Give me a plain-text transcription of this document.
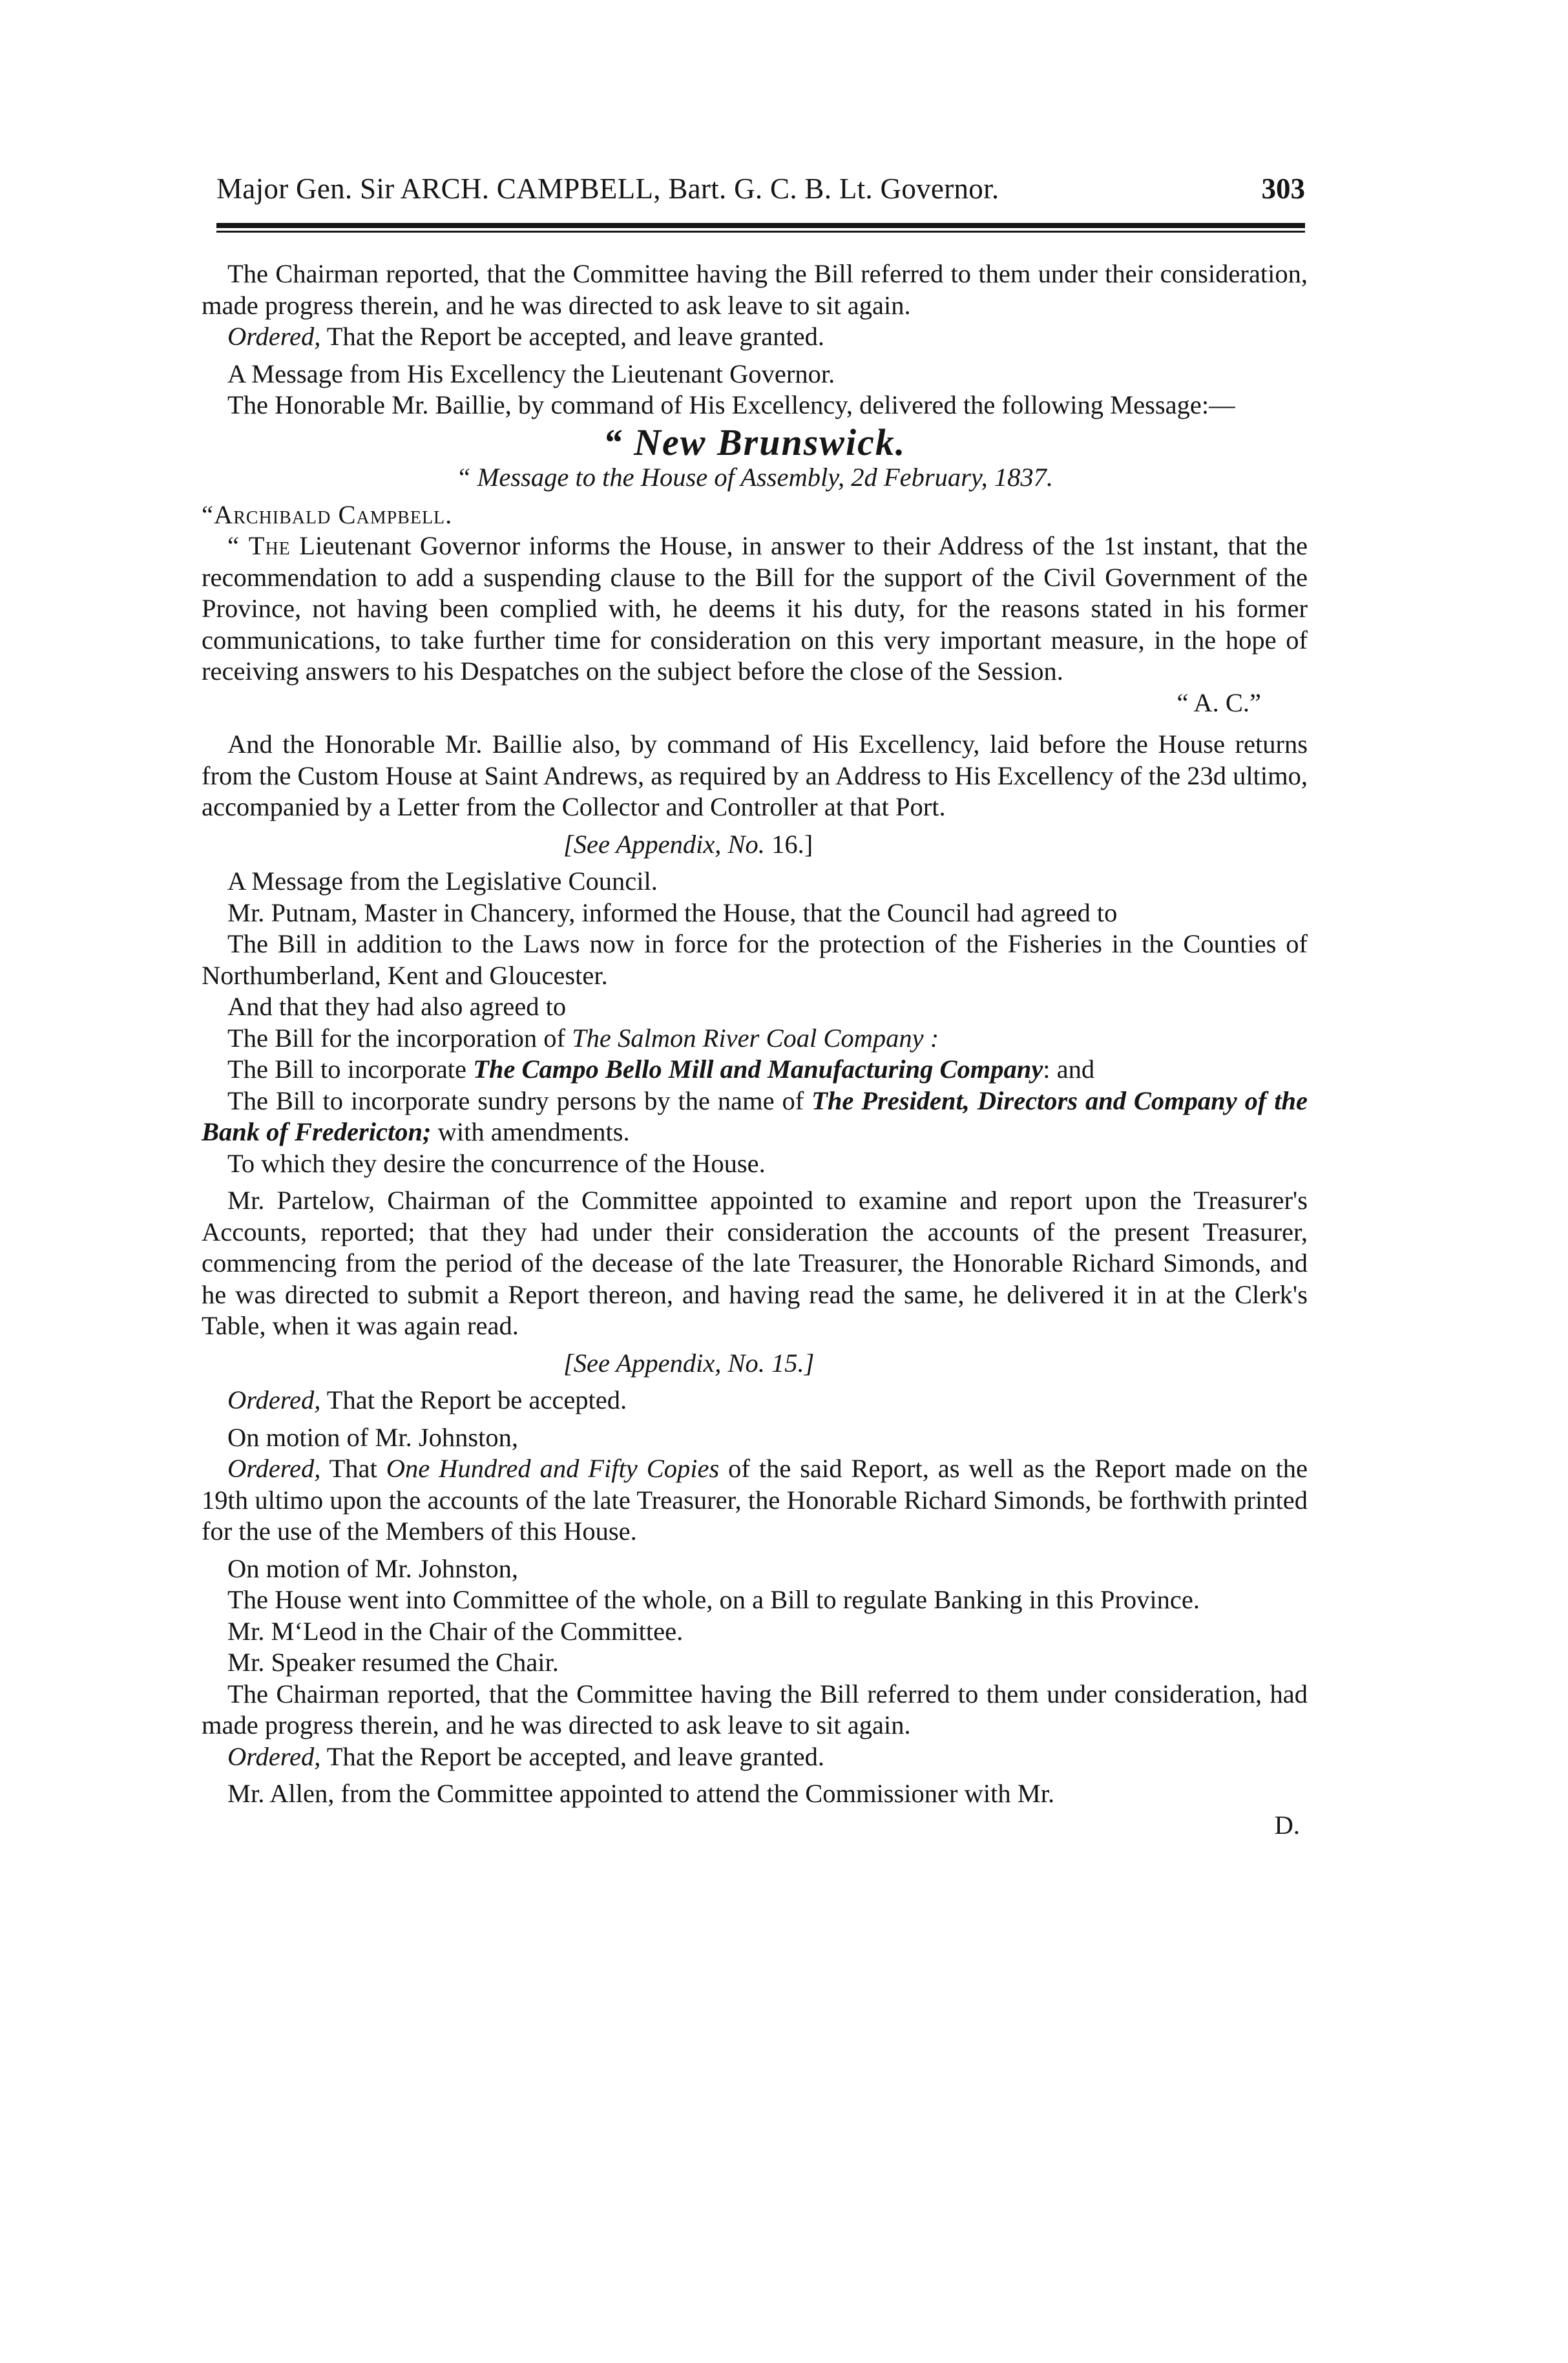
Major Gen. Sir ARCH. CAMPBELL, Bart. G. C. B. Lt. Governor.	303

The Chairman reported, that the Committee having the Bill referred to them under their consideration, made progress therein, and he was directed to ask leave to sit again.

Ordered, That the Report be accepted, and leave granted.

A Message from His Excellency the Lieutenant Governor.

The Honorable Mr. Baillie, by command of His Excellency, delivered the following Message:—

“ New Brunswick.

“ Message to the House of Assembly, 2d February, 1837.

“Archibald Campbell.

“ The Lieutenant Governor informs the House, in answer to their Address of the 1st instant, that the recommendation to add a suspending clause to the Bill for the support of the Civil Government of the Province, not having been complied with, he deems it his duty, for the reasons stated in his former communications, to take further time for consideration on this very important measure, in the hope of receiving answers to his Despatches on the subject before the close of the Session.

“ A. C.”

And the Honorable Mr. Baillie also, by command of His Excellency, laid before the House returns from the Custom House at Saint Andrews, as required by an Address to His Excellency of the 23d ultimo, accompanied by a Letter from the Collector and Controller at that Port.

[See Appendix, No. 16.]

A Message from the Legislative Council.

Mr. Putnam, Master in Chancery, informed the House, that the Council had agreed to

The Bill in addition to the Laws now in force for the protection of the Fisheries in the Counties of Northumberland, Kent and Gloucester.

And that they had also agreed to

The Bill for the incorporation of The Salmon River Coal Company :

The Bill to incorporate The Campo Bello Mill and Manufacturing Company: and

The Bill to incorporate sundry persons by the name of The President, Directors and Company of the Bank of Fredericton; with amendments.

To which they desire the concurrence of the House.

Mr. Partelow, Chairman of the Committee appointed to examine and report upon the Treasurer's Accounts, reported; that they had under their consideration the accounts of the present Treasurer, commencing from the period of the decease of the late Treasurer, the Honorable Richard Simonds, and he was directed to submit a Report thereon, and having read the same, he delivered it in at the Clerk's Table, when it was again read.

[See Appendix, No. 15.]

Ordered, That the Report be accepted.

On motion of Mr. Johnston,

Ordered, That One Hundred and Fifty Copies of the said Report, as well as the Report made on the 19th ultimo upon the accounts of the late Treasurer, the Honorable Richard Simonds, be forthwith printed for the use of the Members of this House.

On motion of Mr. Johnston,

The House went into Committee of the whole, on a Bill to regulate Banking in this Province.

Mr. M‘Leod in the Chair of the Committee.

Mr. Speaker resumed the Chair.

The Chairman reported, that the Committee having the Bill referred to them under consideration, had made progress therein, and he was directed to ask leave to sit again.

Ordered, That the Report be accepted, and leave granted.

Mr. Allen, from the Committee appointed to attend the Commissioner with Mr.

D.
